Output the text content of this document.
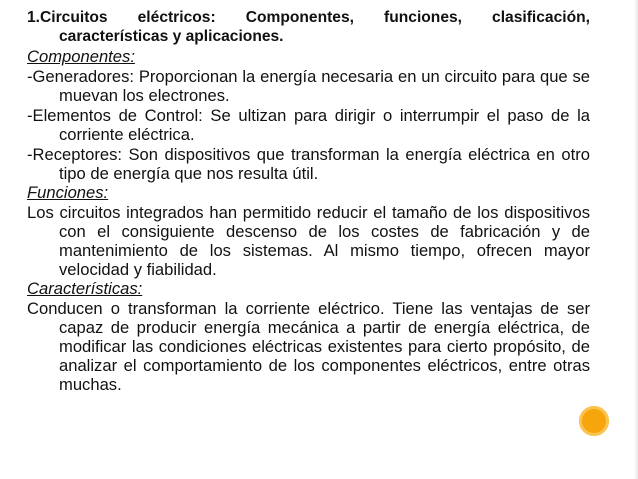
1.Circuitos eléctricos: Componentes, funciones, clasificación, características y aplicaciones.

Componentes:

-Generadores: Proporcionan la energía necesaria en un circuito para que se muevan los electrones.

-Elementos de Control: Se ultizan para dirigir o interrumpir el paso de la corriente eléctrica.

-Receptores: Son dispositivos que transforman la energía eléctrica en otro tipo de energía que nos resulta útil.

Funciones:

Los circuitos integrados han permitido reducir el tamaño de los dispositivos con el consiguiente descenso de los costes de fabricación y de mantenimiento de los sistemas. Al mismo tiempo, ofrecen mayor velocidad y fiabilidad.

Características:

Conducen o transforman la corriente eléctrico. Tiene las ventajas de ser capaz de producir energía mecánica a partir de energía eléctrica, de modificar las condiciones eléctricas existentes para cierto propósito, de analizar el comportamiento de los componentes eléctricos, entre otras muchas.
